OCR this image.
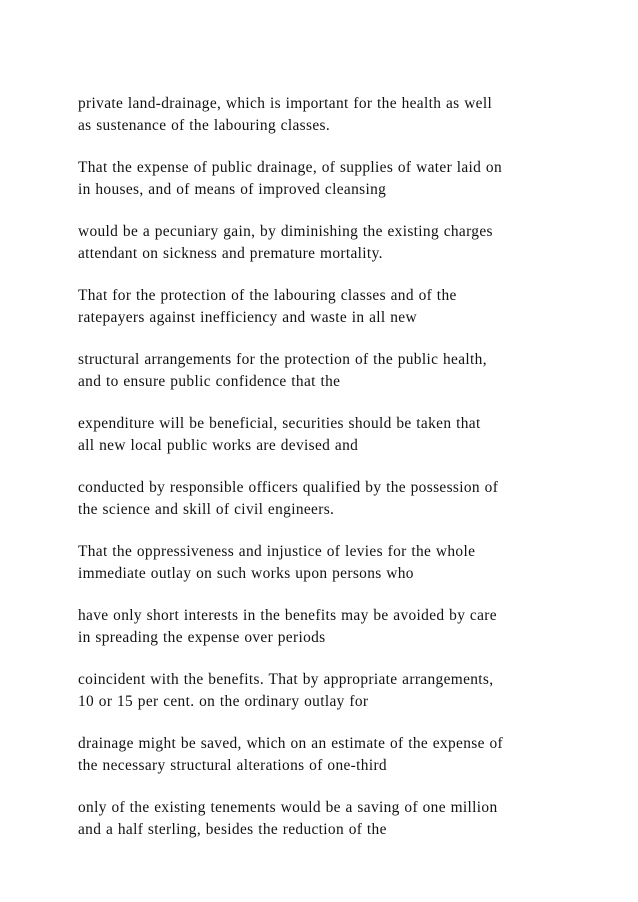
private land-drainage, which is important for the health as well
as sustenance of the labouring classes.

That the expense of public drainage, of supplies of water laid on
in houses, and of means of improved cleansing

would be a pecuniary gain, by diminishing the existing charges
attendant on sickness and premature mortality.

That for the protection of the labouring classes and of the
ratepayers against inefficiency and waste in all new

structural arrangements for the protection of the public health,
and to ensure public confidence that the

expenditure will be beneficial, securities should be taken that
all new local public works are devised and

conducted by responsible officers qualified by the possession of
the science and skill of civil engineers.

That the oppressiveness and injustice of levies for the whole
immediate outlay on such works upon persons who

have only short interests in the benefits may be avoided by care
in spreading the expense over periods

coincident with the benefits. That by appropriate arrangements,
10 or 15 per cent. on the ordinary outlay for

drainage might be saved, which on an estimate of the expense of
the necessary structural alterations of one-third

only of the existing tenements would be a saving of one million
and a half sterling, besides the reduction of the
